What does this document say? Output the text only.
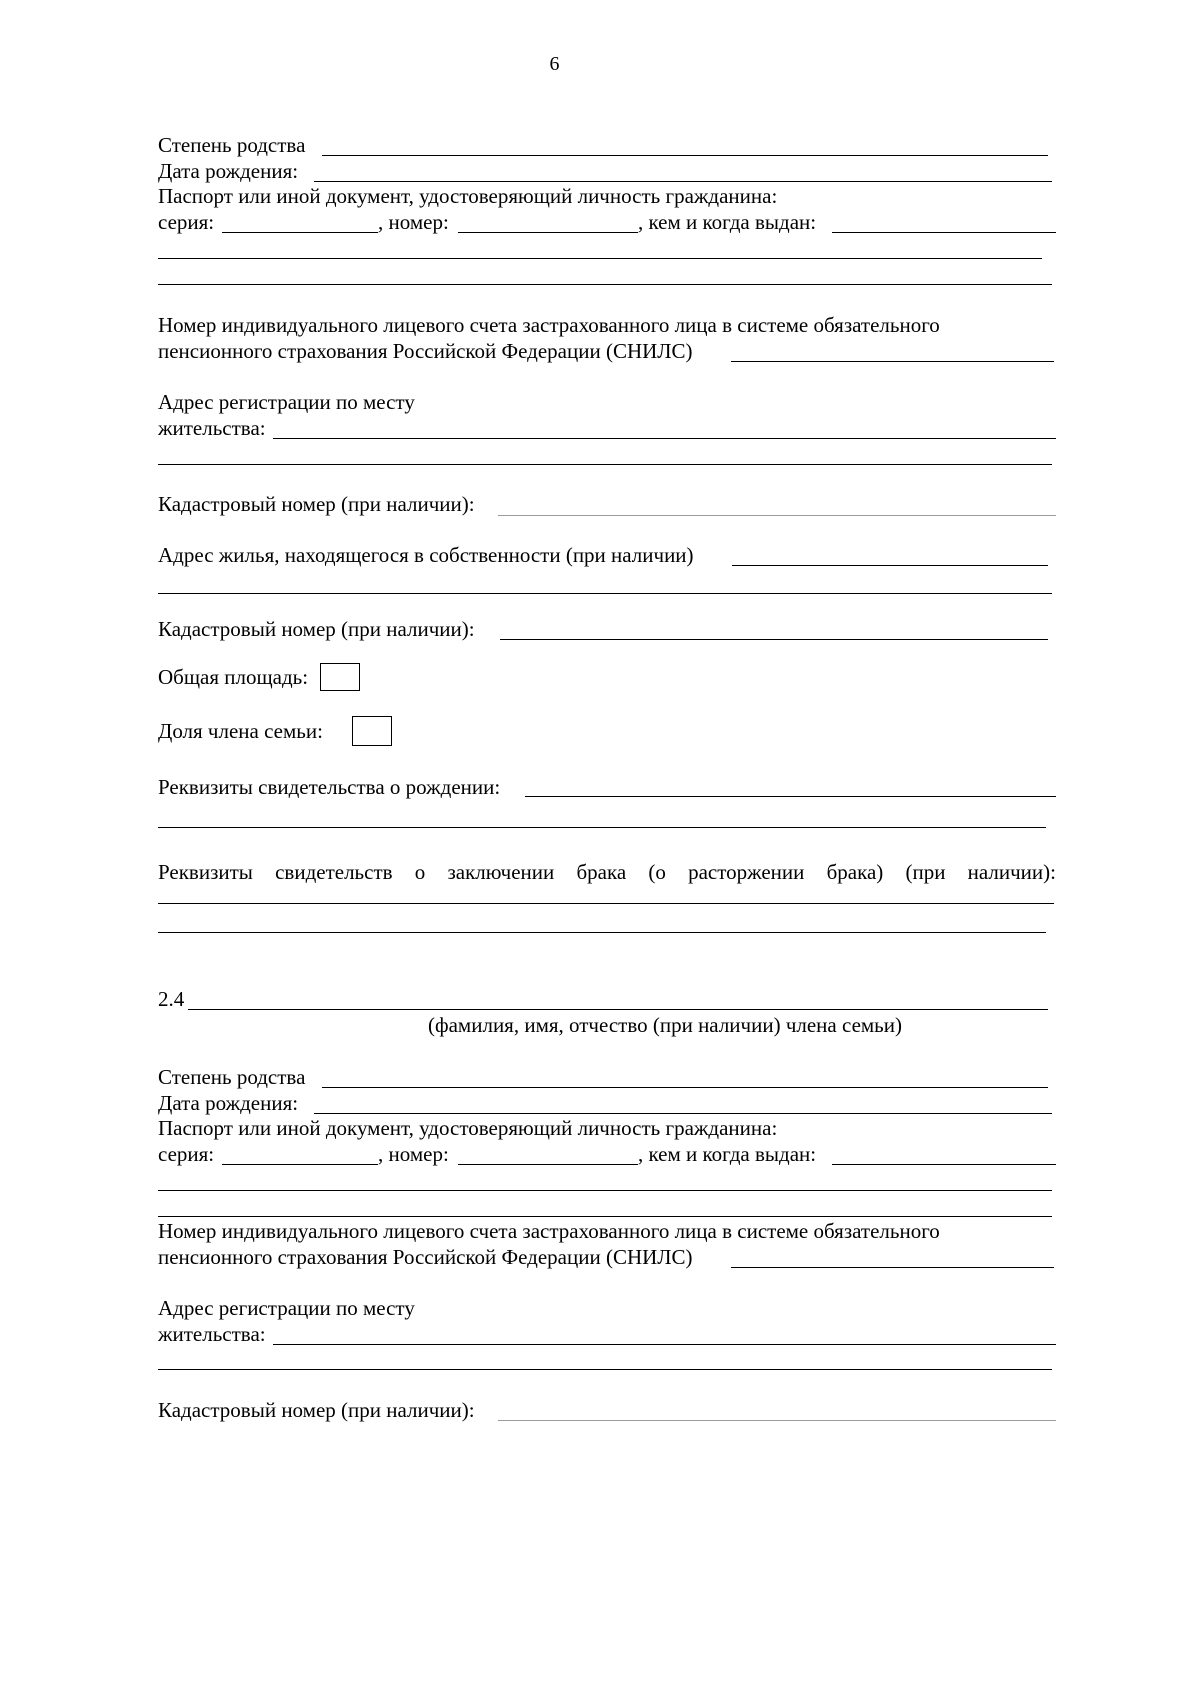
6
Степень родства
Дата рождения:
Паспорт или иной документ, удостоверяющий личность гражданина:
серия:	, номер:	, кем и когда выдан:
Номер индивидуального лицевого счета застрахованного лица в системе обязательного
пенсионного страхования Российской Федерации (СНИЛС)
Адрес регистрации по месту
жительства:
Кадастровый номер (при наличии):
Адрес жилья, находящегося в собственности (при наличии)
Кадастровый номер (при наличии):
Общая площадь:
Доля члена семьи:
Реквизиты свидетельства о рождении:
Реквизиты свидетельств о заключении брака (о расторжении брака) (при наличии):
2.4
(фамилия, имя, отчество (при наличии) члена семьи)
Степень родства
Дата рождения:
Паспорт или иной документ, удостоверяющий личность гражданина:
серия:	, номер:	, кем и когда выдан:
Номер индивидуального лицевого счета застрахованного лица в системе обязательного
пенсионного страхования Российской Федерации (СНИЛС)
Адрес регистрации по месту
жительства:
Кадастровый номер (при наличии):
